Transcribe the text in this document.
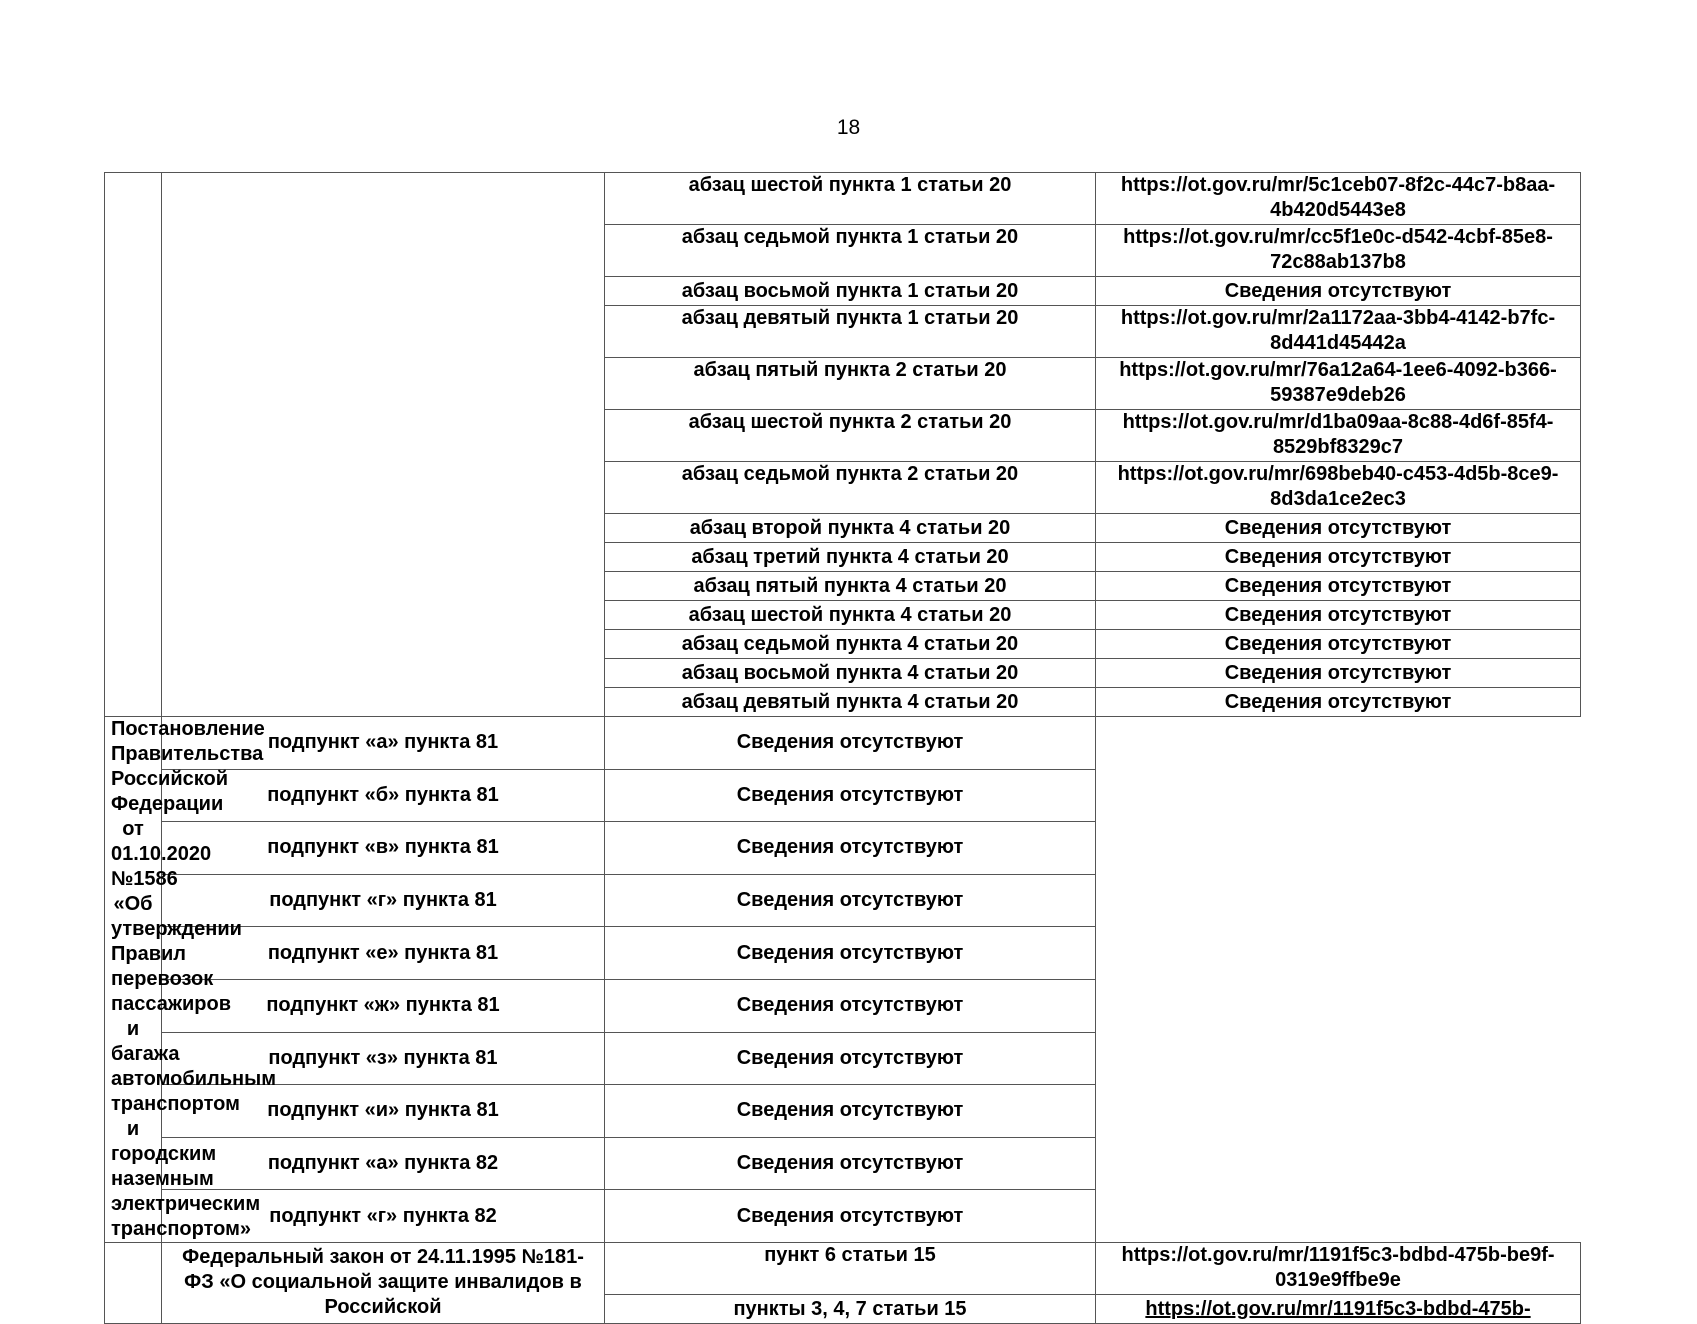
18
		абзац шестой пункта 1 статьи 20	https://ot.gov.ru/mr/5c1ceb07-8f2c-44c7-b8aa-4b420d5443e8
		абзац седьмой пункта 1 статьи 20	https://ot.gov.ru/mr/cc5f1e0c-d542-4cbf-85e8-72c88ab137b8
		абзац восьмой пункта 1 статьи 20	Сведения отсутствуют
		абзац девятый пункта 1 статьи 20	https://ot.gov.ru/mr/2a1172aa-3bb4-4142-b7fc-8d441d45442a
		абзац пятый пункта 2 статьи 20	https://ot.gov.ru/mr/76a12a64-1ee6-4092-b366-59387e9deb26
		абзац шестой пункта 2 статьи 20	https://ot.gov.ru/mr/d1ba09aa-8c88-4d6f-85f4-8529bf8329c7
		абзац седьмой пункта 2 статьи 20	https://ot.gov.ru/mr/698beb40-c453-4d5b-8ce9-8d3da1ce2ec3
		абзац второй пункта 4 статьи 20	Сведения отсутствуют
		абзац третий пункта 4 статьи 20	Сведения отсутствуют
		абзац пятый пункта 4 статьи 20	Сведения отсутствуют
		абзац шестой пункта 4 статьи 20	Сведения отсутствуют
		абзац седьмой пункта 4 статьи 20	Сведения отсутствуют
		абзац восьмой пункта 4 статьи 20	Сведения отсутствуют
		абзац девятый пункта 4 статьи 20	Сведения отсутствуют
Постановление Правительства Российской Федерации от 01.10.2020 №1586 «Об утверждении Правил перевозок пассажиров и багажа автомобильным транспортом и городским наземным электрическим транспортом»	подпункт «а» пункта 81	Сведения отсутствуют	
	подпункт «б» пункта 81	Сведения отсутствуют	
	подпункт «в» пункта 81	Сведения отсутствуют	
	подпункт «г» пункта 81	Сведения отсутствуют	
	подпункт «е» пункта 81	Сведения отсутствуют	
	подпункт «ж» пункта 81	Сведения отсутствуют	
	подпункт «з» пункта 81	Сведения отсутствуют	
	подпункт «и» пункта 81	Сведения отсутствуют	
	подпункт «а» пункта 82	Сведения отсутствуют	
	подпункт «г» пункта 82	Сведения отсутствуют	
	Федеральный закон от 24.11.1995 №181-ФЗ «О социальной защите инвалидов в Российской	пункт 6 статьи 15	https://ot.gov.ru/mr/1191f5c3-bdbd-475b-be9f-0319e9ffbe9e
		пункты 3, 4, 7 статьи 15	https://ot.gov.ru/mr/1191f5c3-bdbd-475b-
